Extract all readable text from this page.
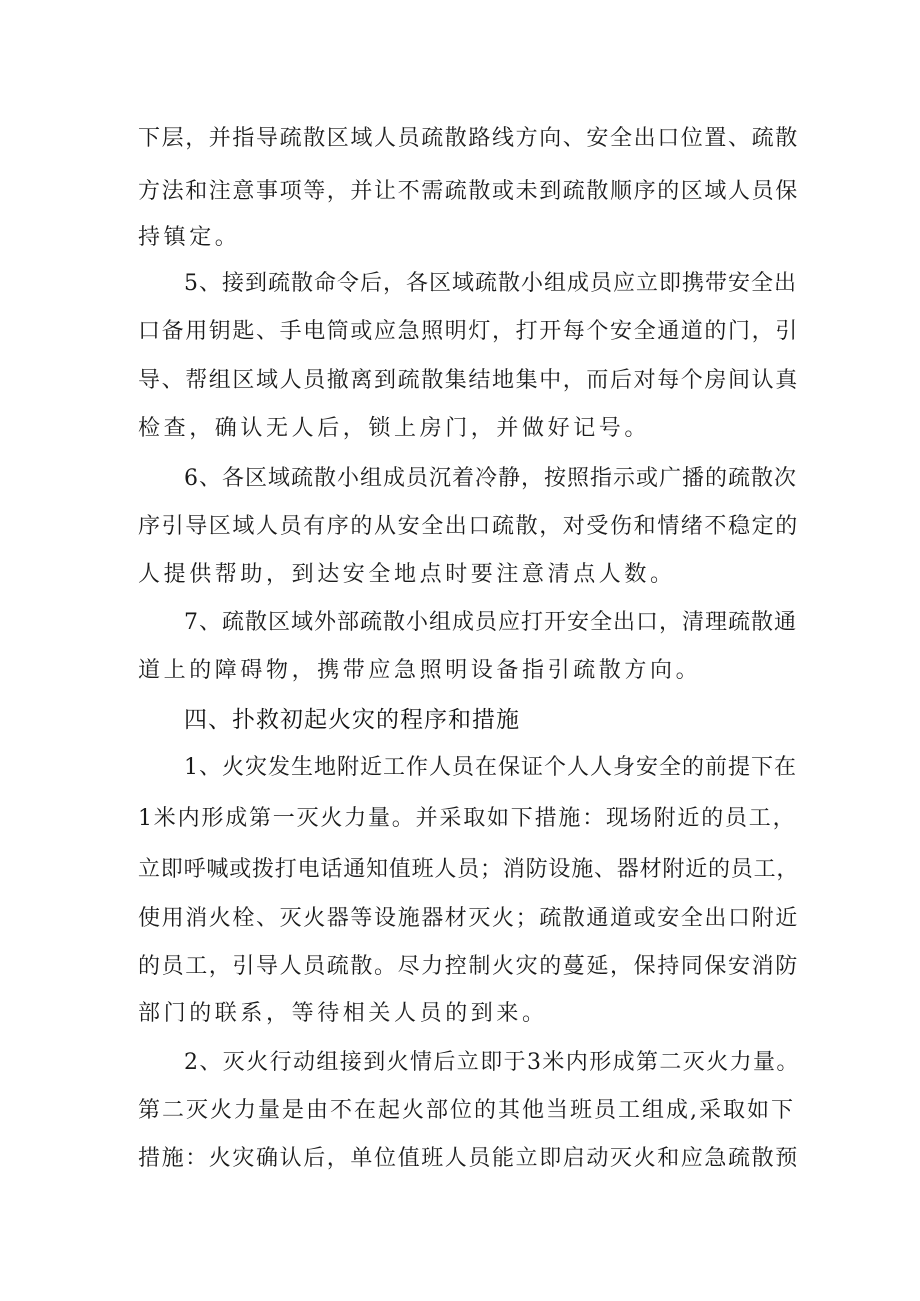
下层，并指导疏散区域人员疏散路线方向、安全出口位置、疏散
方法和注意事项等，并让不需疏散或未到疏散顺序的区域人员保
持镇定。
5、接到疏散命令后，各区域疏散小组成员应立即携带安全出
口备用钥匙、手电筒或应急照明灯，打开每个安全通道的门，引
导、帮组区域人员撤离到疏散集结地集中，而后对每个房间认真
检查，确认无人后，锁上房门，并做好记号。
6、各区域疏散小组成员沉着冷静，按照指示或广播的疏散次
序引导区域人员有序的从安全出口疏散，对受伤和情绪不稳定的
人提供帮助，到达安全地点时要注意清点人数。
7、疏散区域外部疏散小组成员应打开安全出口，清理疏散通
道上的障碍物，携带应急照明设备指引疏散方向。
四、扑救初起火灾的程序和措施
1、火灾发生地附近工作人员在保证个人人身安全的前提下在
1米内形成第一灭火力量。并采取如下措施：现场附近的员工，
立即呼喊或拨打电话通知值班人员；消防设施、器材附近的员工，
使用消火栓、灭火器等设施器材灭火；疏散通道或安全出口附近
的员工，引导人员疏散。尽力控制火灾的蔓延，保持同保安消防
部门的联系，等待相关人员的到来。
2、灭火行动组接到火情后立即于3米内形成第二灭火力量。
第二灭火力量是由不在起火部位的其他当班员工组成,采取如下
措施：火灾确认后，单位值班人员能立即启动灭火和应急疏散预
